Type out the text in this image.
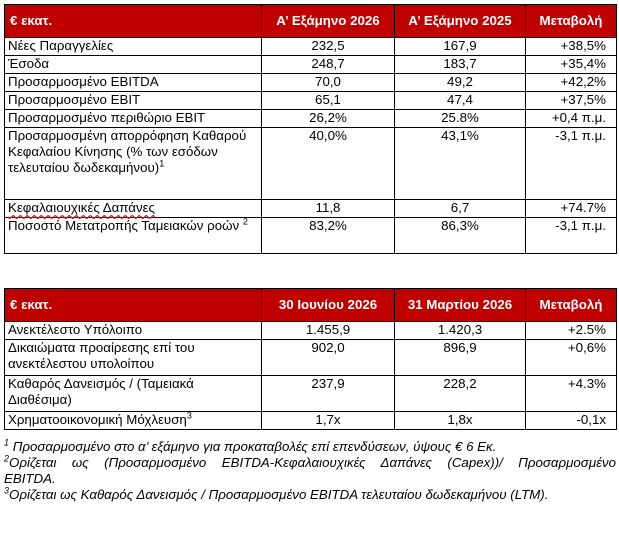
€ εκατ.	Α’ Εξάμηνο 2026	Α’ Εξάμηνο 2025	Μεταβολή
Νέες Παραγγελίες	232,5	167,9	+38,5%
Έσοδα	248,7	183,7	+35,4%
Προσαρμοσμένο EBITDA	70,0	49,2	+42,2%
Προσαρμοσμένο EBIT	65,1	47,4	+37,5%
Προσαρμοσμένο περιθώριο EBIT	26,2%	25.8%	+0,4 π.μ.
Προσαρμοσμένη απορρόφηση Καθαρού Κεφαλαίου Κίνησης (% των εσόδων τελευταίου δωδεκαμήνου)$^1$	40,0%	43,1%	-3,1 π.μ.
Κεφαλαιουχικές Δαπάνες	11,8	6,7	+74.7%
Ποσοστό Μετατροπής Ταμειακών ροών $^2$	83,2%	86,3%	-3,1 π.μ.
€ εκατ.	30 Ιουνίου 2026	31 Μαρτίου 2026	Μεταβολή
Ανεκτέλεστο Υπόλοιπο	1.455,9	1.420,3	+2.5%
Δικαιώματα προαίρεσης επί του ανεκτέλεστου υπολοίπου	902,0	896,9	+0,6%
Καθαρός Δανεισμός / (Ταμειακά Διαθέσιμα)	237,9	228,2	+4.3%
Χρηματοοικονομική Μόχλευση$^3$	1,7x	1,8x	-0,1x

$^1$ Προσαρμοσμένο στο α’ εξάμηνο για προκαταβολές επί επενδύσεων, ύψους € 6 Εκ.

$^2$Ορίζεται ως (Προσαρμοσμένο EBITDA-Κεφαλαιουχικές Δαπάνες (Capex))/ Προσαρμοσμένο EBITDA.

$^3$Ορίζεται ως Καθαρός Δανεισμός / Προσαρμοσμένο EBITDA τελευταίου δωδεκαμήνου (LTM).
